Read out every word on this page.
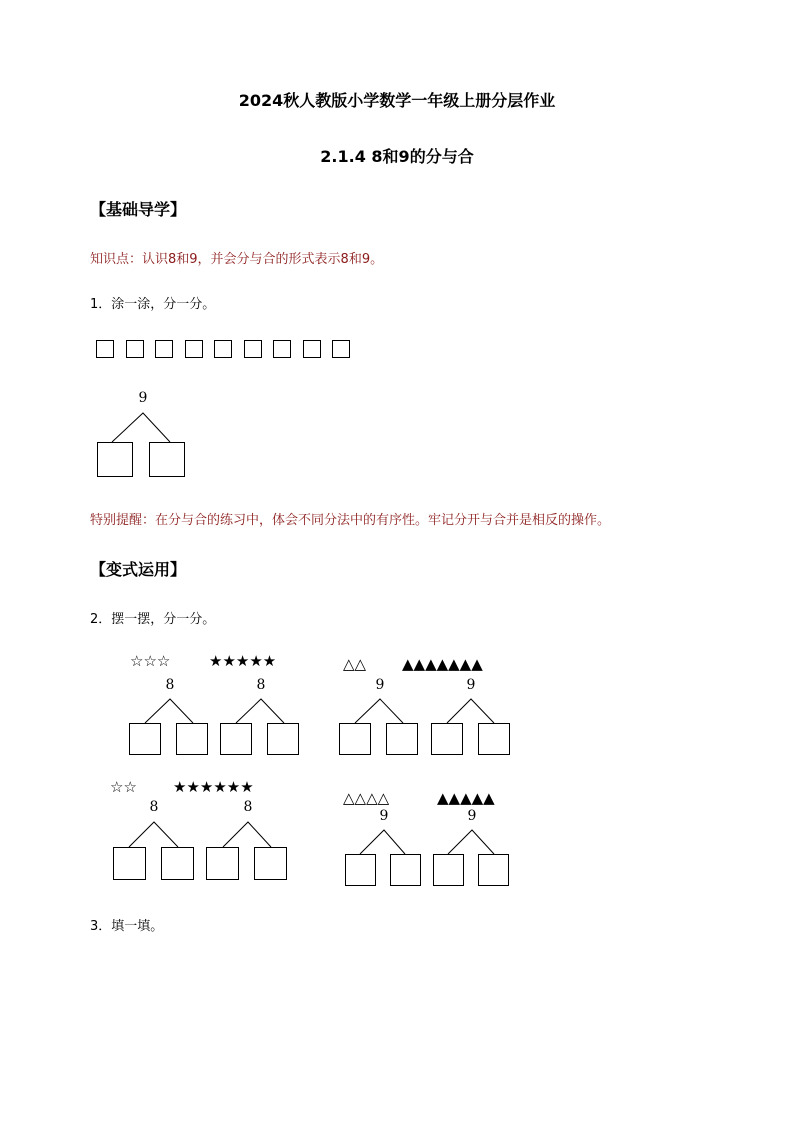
2024秋人教版小学数学一年级上册分层作业
2.1.4 8和9的分与合
【基础导学】
知识点：认识8和9，并会分与合的形式表示8和9。
1．涂一涂，分一分。
9
特别提醒：在分与合的练习中，体会不同分法中的有序性。牢记分开与合并是相反的操作。
【变式运用】
2．摆一摆，分一分。
☆☆☆	★★★★★
8	8
△△ ▲▲▲▲▲▲▲
9	9
☆☆ ★★★★★★
8	8	△△△△	▲▲▲▲▲
9	9
3．填一填。
